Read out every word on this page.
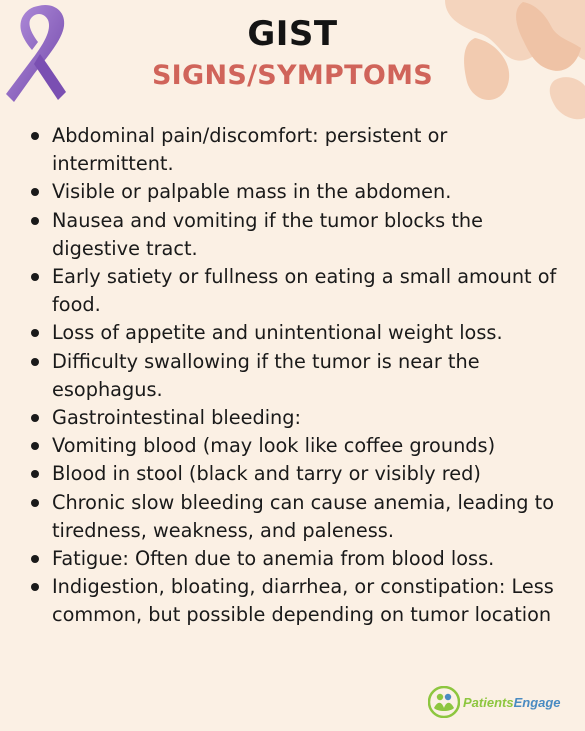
GIST
SIGNS/SYMPTOMS
Abdominal pain/discomfort: persistent or intermittent.
Visible or palpable mass in the abdomen.
Nausea and vomiting if the tumor blocks the digestive tract.
Early satiety or fullness on eating a small amount of food.
Loss of appetite and unintentional weight loss.
Difficulty swallowing if the tumor is near the esophagus.
Gastrointestinal bleeding:
Vomiting blood (may look like coffee grounds)
Blood in stool (black and tarry or visibly red)
Chronic slow bleeding can cause anemia, leading to tiredness, weakness, and paleness.
Fatigue: Often due to anemia from blood loss.
Indigestion, bloating, diarrhea, or constipation: Less common, but possible depending on tumor location
PatientsEngage
